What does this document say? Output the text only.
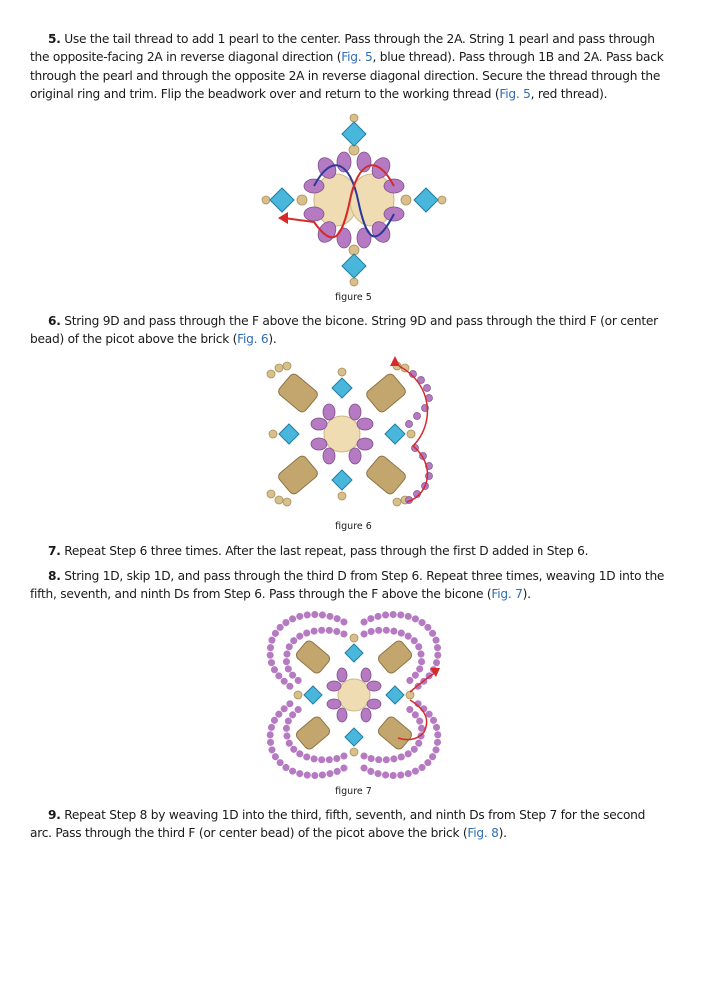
5. Use the tail thread to add 1 pearl to the center. Pass through the 2A. String 1 pearl and pass through the opposite-facing 2A in reverse diagonal direction (Fig. 5, blue thread). Pass through 1B and 2A. Pass back through the pearl and through the opposite 2A in reverse diagonal direction. Secure the thread through the original ring and trim. Flip the beadwork over and return to the working thread (Fig. 5, red thread).
figure 5
6. String 9D and pass through the F above the bicone. String 9D and pass through the third F (or center bead) of the picot above the brick (Fig. 6).
figure 6
7. Repeat Step 6 three times. After the last repeat, pass through the first D added in Step 6.
8. String 1D, skip 1D, and pass through the third D from Step 6. Repeat three times, weaving 1D into the fifth, seventh, and ninth Ds from Step 6. Pass through the F above the bicone (Fig. 7).
figure 7
9. Repeat Step 8 by weaving 1D into the third, fifth, seventh, and ninth Ds from Step 7 for the second arc. Pass through the third F (or center bead) of the picot above the brick (Fig. 8).
